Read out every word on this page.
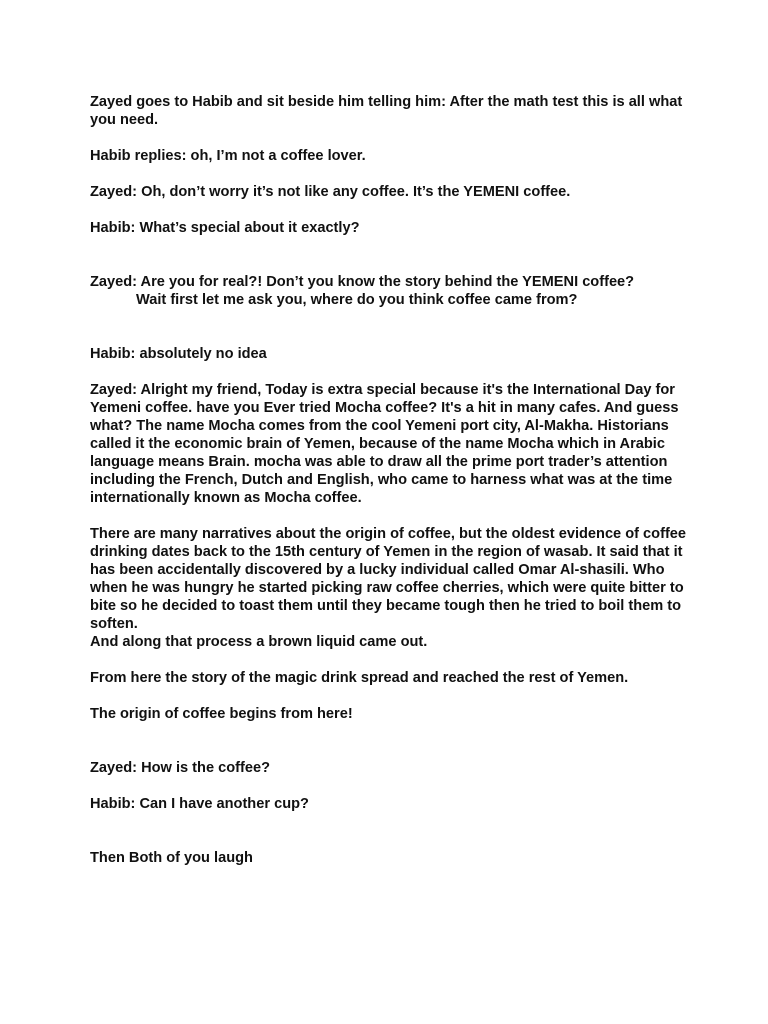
Zayed goes to Habib and sit beside him telling him: After the math test this is all what you need.

Habib replies: oh, I’m not a coffee lover.

Zayed: Oh, don’t worry it’s not like any coffee. It’s the YEMENI coffee.

Habib: What’s special about it exactly?

Zayed: Are you for real?! Don’t you know the story behind the YEMENI coffee?

Wait first let me ask you, where do you think coffee came from?

Habib: absolutely no idea

Zayed: Alright my friend, Today is extra special because it's the International Day for Yemeni coffee. have you Ever tried Mocha coffee? It's a hit in many cafes. And guess what? The name Mocha comes from the cool Yemeni port city, Al-Makha. Historians called it the economic brain of Yemen, because of the name Mocha which in Arabic language means Brain. mocha was able to draw all the prime port trader’s attention including the French, Dutch and English, who came to harness what was at the time internationally known as Mocha coffee.

There are many narratives about the origin of coffee, but the oldest evidence of coffee drinking dates back to the 15th century of Yemen in the region of wasab. It said that it has been accidentally discovered by a lucky individual called Omar Al-shasili. Who when he was hungry he started picking raw coffee cherries, which were quite bitter to bite so he decided to toast them until they became tough then he tried to boil them to soften.

And along that process a brown liquid came out.

From here the story of the magic drink spread and reached the rest of Yemen.

The origin of coffee begins from here!

Zayed: How is the coffee?

Habib: Can I have another cup?

Then Both of you laugh
